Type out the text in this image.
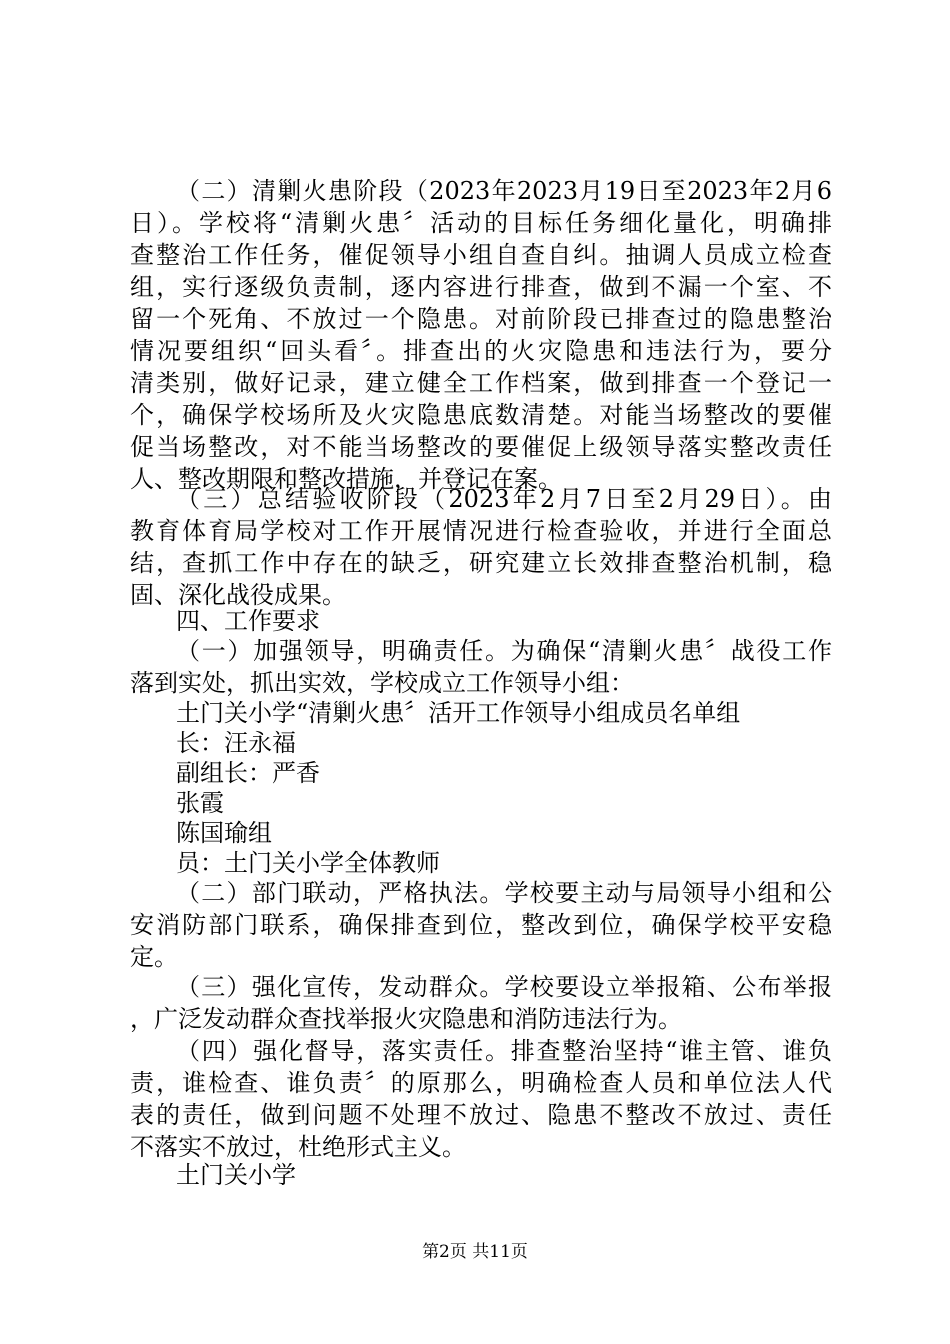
（二）清剿火患阶段（2023年2023月19日至2023年2月6
日）。学校将“清剿火患〞活动的目标任务细化量化，明确排
查整治工作任务，催促领导小组自查自纠。抽调人员成立检查
组，实行逐级负责制，逐内容进行排查，做到不漏一个室、不
留一个死角、不放过一个隐患。对前阶段已排查过的隐患整治
情况要组织“回头看〞。排查出的火灾隐患和违法行为，要分
清类别，做好记录，建立健全工作档案，做到排查一个登记一
个，确保学校场所及火灾隐患底数清楚。对能当场整改的要催
促当场整改，对不能当场整改的要催促上级领导落实整改责任
人、整改期限和整改措施，并登记在案。
（三）总结验收阶段（2023年2月7日至2月29日）。由
教育体育局学校对工作开展情况进行检查验收，并进行全面总
结，查抓工作中存在的缺乏，研究建立长效排查整治机制，稳
固、深化战役成果。
四、工作要求
（一）加强领导，明确责任。为确保“清剿火患〞战役工作
落到实处，抓出实效，学校成立工作领导小组：
土门关小学“清剿火患〞活开工作领导小组成员名单组
长：汪永福
副组长：严香
张霞
陈国瑜组
员：土门关小学全体教师
（二）部门联动，严格执法。学校要主动与局领导小组和公
安消防部门联系，确保排查到位，整改到位，确保学校平安稳
定。
（三）强化宣传，发动群众。学校要设立举报箱、公布举报
，广泛发动群众查找举报火灾隐患和消防违法行为。
（四）强化督导，落实责任。排查整治坚持“谁主管、谁负
责，谁检查、谁负责〞的原那么，明确检查人员和单位法人代
表的责任，做到问题不处理不放过、隐患不整改不放过、责任
不落实不放过，杜绝形式主义。
土门关小学
第2页 共11页
